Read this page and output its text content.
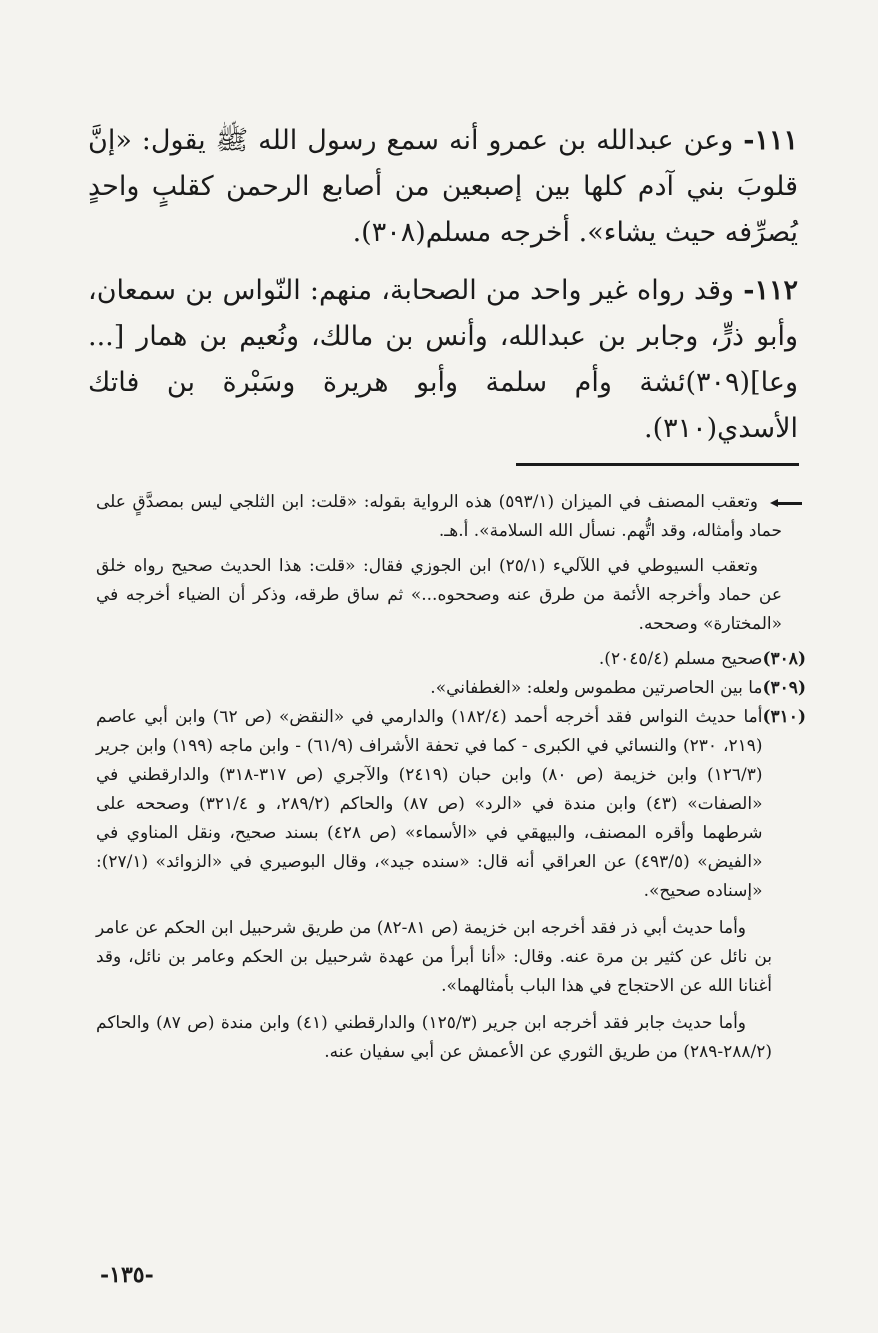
١١١- وعن عبدالله بن عمرو أنه سمع رسول الله ﷺ يقول: «إنَّ قلوبَ بني آدم كلها بين إصبعين من أصابع الرحمن كقلبٍ واحدٍ يُصرِّفه حيث يشاء». أخرجه مسلم(٣٠٨).

١١٢- وقد رواه غير واحد من الصحابة، منهم: النّواس بن سمعان، وأبو ذرٍّ، وجابر بن عبدالله، وأنس بن مالك، ونُعيم بن همار [... وعا](٣٠٩)ئشة وأم سلمة وأبو هريرة وسَبْرة بن فاتك الأسدي(٣١٠).

وتعقب المصنف في الميزان (٥٩٣/١) هذه الرواية بقوله: «قلت: ابن الثلجي ليس بمصدَّقٍ على حماد وأمثاله، وقد اتُّهم. نسأل الله السلامة». أ.هـ.

وتعقب السيوطي في اللآليء (٢٥/١) ابن الجوزي فقال: «قلت: هذا الحديث صحيح رواه خلق عن حماد وأخرجه الأئمة من طرق عنه وصححوه...» ثم ساق طرقه، وذكر أن الضياء أخرجه في «المختارة» وصححه.

(٣٠٨)
صحيح مسلم (٢٠٤٥/٤).
(٣٠٩)
ما بين الحاصرتين مطموس ولعله: «الغطفاني».
(٣١٠)
أما حديث النواس فقد أخرجه أحمد (١٨٢/٤) والدارمي في «النقض» (ص ٦٢) وابن أبي عاصم (٢١٩، ٢٣٠) والنسائي في الكبرى - كما في تحفة الأشراف (٦١/٩) - وابن ماجه (١٩٩) وابن جرير (١٢٦/٣) وابن خزيمة (ص ٨٠) وابن حبان (٢٤١٩) والآجري (ص ٣١٧-٣١٨) والدارقطني في «الصفات» (٤٣) وابن مندة في «الرد» (ص ٨٧) والحاكم (٢٨٩/٢، و ٣٢١/٤) وصححه على شرطهما وأقره المصنف، والبيهقي في «الأسماء» (ص ٤٢٨) بسند صحيح، ونقل المناوي في «الفيض» (٤٩٣/٥) عن العراقي أنه قال: «سنده جيد»، وقال البوصيري في «الزوائد» (٢٧/١): «إسناده صحيح».

وأما حديث أبي ذر فقد أخرجه ابن خزيمة (ص ٨١-٨٢) من طريق شرحبيل ابن الحكم عن عامر بن نائل عن كثير بن مرة عنه. وقال: «أنا أبرأ من عهدة شرحبيل بن الحكم وعامر بن نائل، وقد أغنانا الله عن الاحتجاج في هذا الباب بأمثالهما».

وأما حديث جابر فقد أخرجه ابن جرير (١٢٥/٣) والدارقطني (٤١) وابن مندة (ص ٨٧) والحاكم (٢٨٨/٢-٢٨٩) من طريق الثوري عن الأعمش عن أبي سفيان عنه.

-١٣٥-
